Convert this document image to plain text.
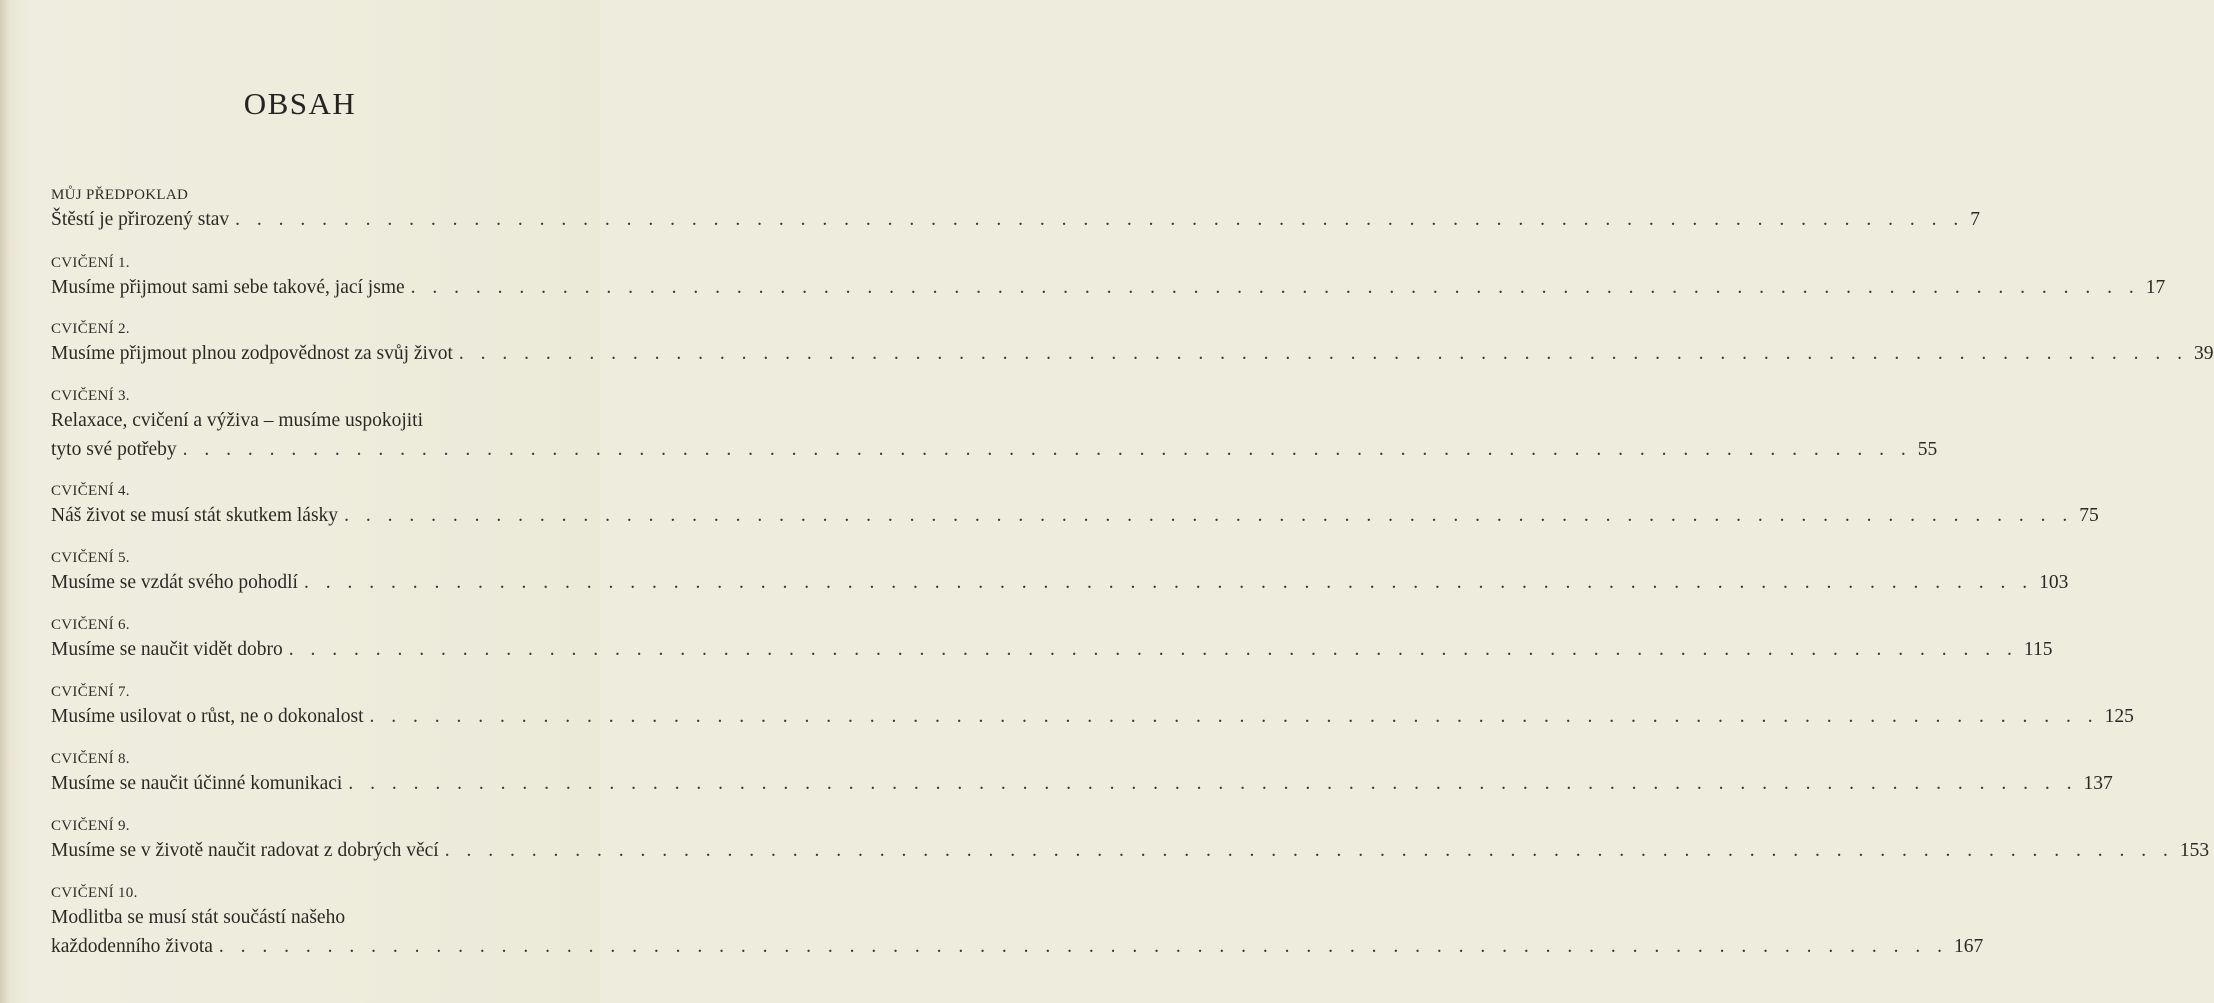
OBSAH
MŮJ PŘEDPOKLAD
Štěstí je přirozený stav . . . . . . . . . . . . . . . . . . . . . . . . . . . . . . . . . . . . . . . . . . . . . . . . . . . . . . . . . . . . . . . . . . . . . . . . . . . . . . . . 7
CVIČENÍ 1.
Musíme přijmout sami sebe takové, jací jsme . . . . . . . . . . . . . . . . . . . . . . . . . . . . . . . . . . . . . . . . . . . . . . . . . . . . . . . . . . . . . . . . . . . . . . . . . . . . . . . . 17
CVIČENÍ 2.
Musíme přijmout plnou zodpovědnost za svůj život . . . . . . . . . . . . . . . . . . . . . . . . . . . . . . . . . . . . . . . . . . . . . . . . . . . . . . . . . . . . . . . . . . . . . . . . . . . . . . . . 39
CVIČENÍ 3.
Relaxace, cvičení a výživa – musíme uspokojiti
tyto své potřeby . . . . . . . . . . . . . . . . . . . . . . . . . . . . . . . . . . . . . . . . . . . . . . . . . . . . . . . . . . . . . . . . . . . . . . . . . . . . . . . . 55
CVIČENÍ 4.
Náš život se musí stát skutkem lásky . . . . . . . . . . . . . . . . . . . . . . . . . . . . . . . . . . . . . . . . . . . . . . . . . . . . . . . . . . . . . . . . . . . . . . . . . . . . . . . . 75
CVIČENÍ 5.
Musíme se vzdát svého pohodlí . . . . . . . . . . . . . . . . . . . . . . . . . . . . . . . . . . . . . . . . . . . . . . . . . . . . . . . . . . . . . . . . . . . . . . . . . . . . . . . . 103
CVIČENÍ 6.
Musíme se naučit vidět dobro . . . . . . . . . . . . . . . . . . . . . . . . . . . . . . . . . . . . . . . . . . . . . . . . . . . . . . . . . . . . . . . . . . . . . . . . . . . . . . . . 115
CVIČENÍ 7.
Musíme usilovat o růst, ne o dokonalost . . . . . . . . . . . . . . . . . . . . . . . . . . . . . . . . . . . . . . . . . . . . . . . . . . . . . . . . . . . . . . . . . . . . . . . . . . . . . . . . 125
CVIČENÍ 8.
Musíme se naučit účinné komunikaci . . . . . . . . . . . . . . . . . . . . . . . . . . . . . . . . . . . . . . . . . . . . . . . . . . . . . . . . . . . . . . . . . . . . . . . . . . . . . . . . 137
CVIČENÍ 9.
Musíme se v životě naučit radovat z dobrých věcí . . . . . . . . . . . . . . . . . . . . . . . . . . . . . . . . . . . . . . . . . . . . . . . . . . . . . . . . . . . . . . . . . . . . . . . . . . . . . . . . 153
CVIČENÍ 10.
Modlitba se musí stát součástí našeho
každodenního života . . . . . . . . . . . . . . . . . . . . . . . . . . . . . . . . . . . . . . . . . . . . . . . . . . . . . . . . . . . . . . . . . . . . . . . . . . . . . . . . 167
